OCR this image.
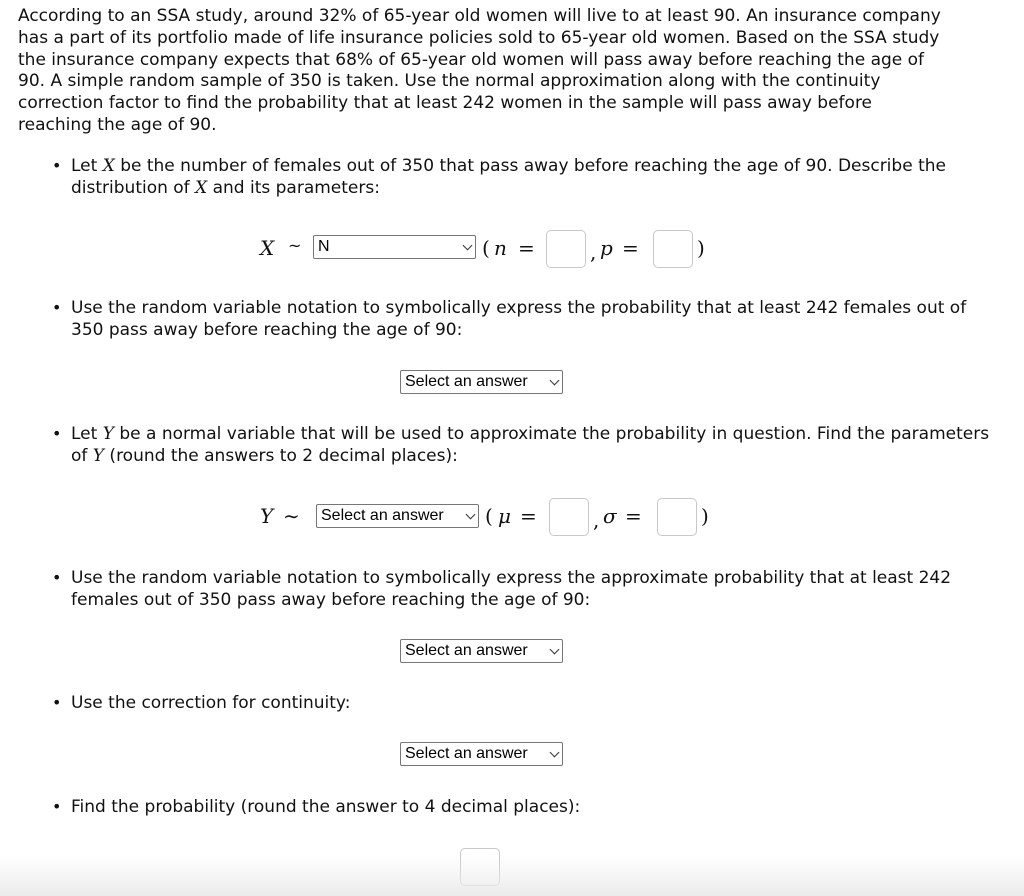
According to an SSA study, around 32% of 65-year old women will live to at least 90. An insurance company
has a part of its portfolio made of life insurance policies sold to 65-year old women. Based on the SSA study
the insurance company expects that 68% of 65-year old women will pass away before reaching the age of
90. A simple random sample of 350 is taken. Use the normal approximation along with the continuity
correction factor to find the probability that at least 242 women in the sample will pass away before
reaching the age of 90.
• Let X be the number of females out of 350 that pass away before reaching the age of 90. Describe the distribution of X and its parameters:
X ~	N	( n =	, p =	)
• Use the random variable notation to symbolically express the probability that at least 242 females out of 350 pass away before reaching the age of 90:
Select an answer
• Let Y be a normal variable that will be used to approximate the probability in question. Find the parameters of Y (round the answers to 2 decimal places):
Y ∼	Select an answer	( μ =	, σ =	)
• Use the random variable notation to symbolically express the approximate probability that at least 242 females out of 350 pass away before reaching the age of 90:
Select an answer
• Use the correction for continuity:
Select an answer
• Find the probability (round the answer to 4 decimal places):
